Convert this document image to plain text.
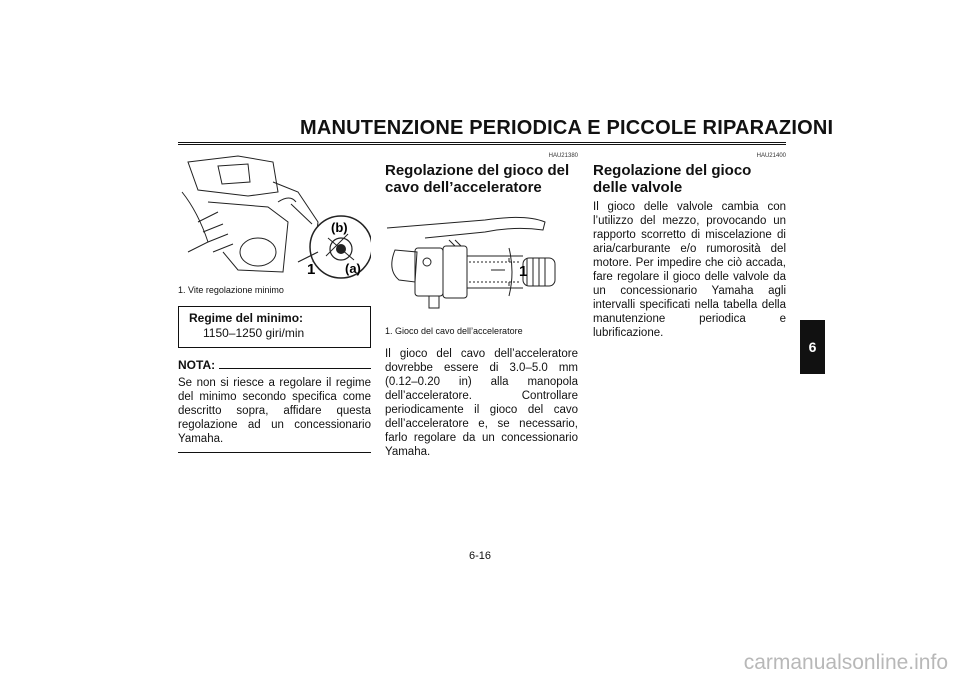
MANUTENZIONE PERIODICA E PICCOLE RIPARAZIONI
1
(b)
(a)
1. Vite regolazione minimo
Regime del minimo:
1150–1250 giri/min
NOTA:

Se non si riesce a regolare il regime del minimo secondo specifica come descritto sopra, affidare questa regolazione ad un concessionario Yamaha.

HAU21380
Regolazione del gioco del cavo dell’acceleratore
1
1. Gioco del cavo dell’acceleratore

Il gioco del cavo dell’acceleratore dovrebbe essere di 3.0–5.0 mm (0.12–0.20 in) alla manopola dell’acceleratore. Controllare periodicamente il gioco del cavo dell’acceleratore e, se necessario, farlo regolare da un concessionario Yamaha.

HAU21400
Regolazione del gioco delle valvole

Il gioco delle valvole cambia con l’utilizzo del mezzo, provocando un rapporto scorretto di miscelazione di aria/carburante e/o rumorosità del motore. Per impedire che ciò accada, fare regolare il gioco delle valvole da un concessionario Yamaha agli intervalli specificati nella tabella della manutenzione periodica e lubrificazione.

6-16
6
carmanualsonline.info
